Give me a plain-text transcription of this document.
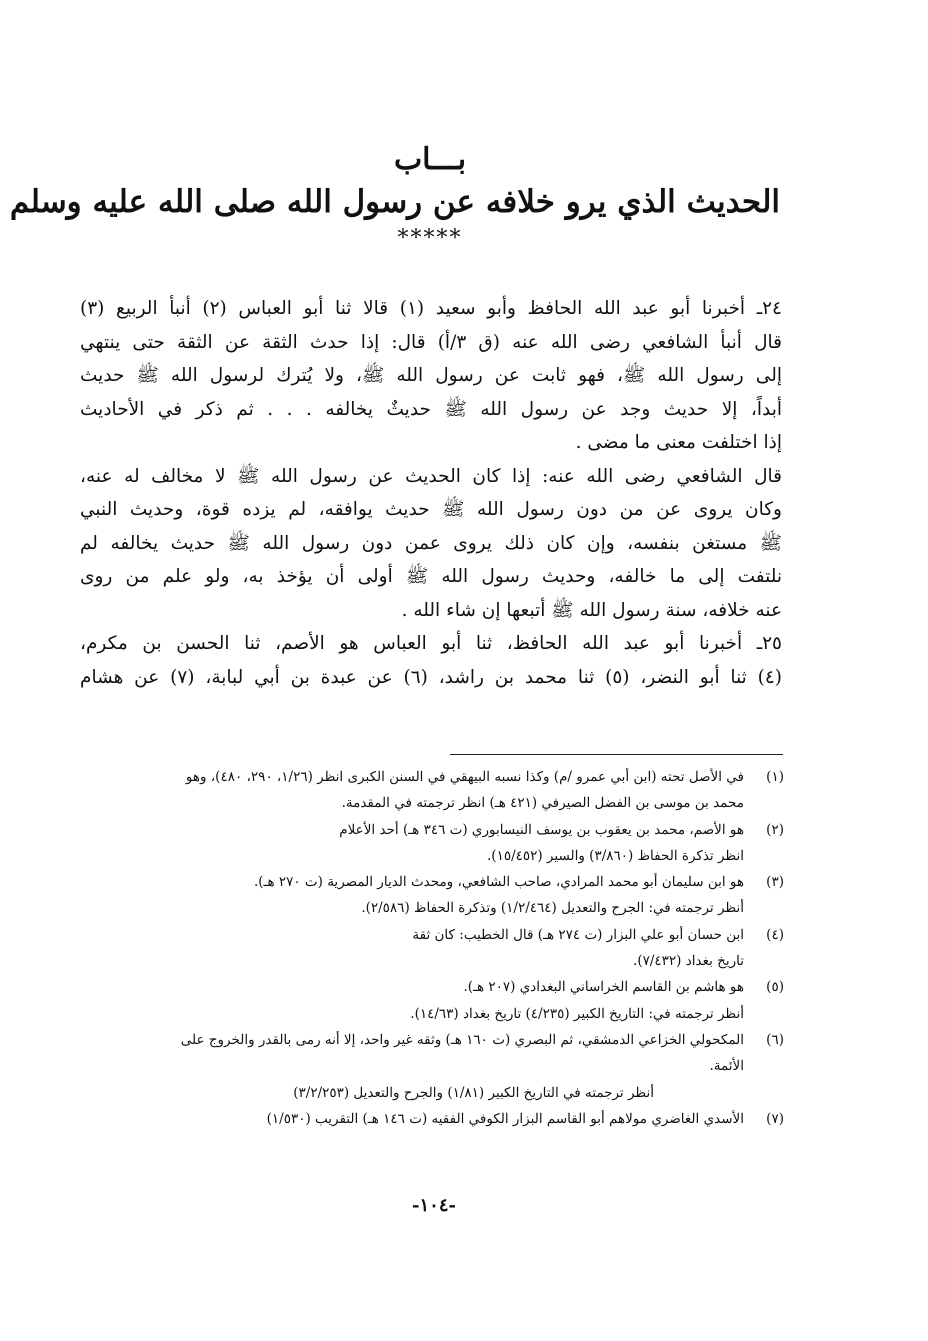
بـــاب
الحديث الذي يرو خلافه عن رسول الله صلى الله عليه وسلم
*****
٢٤ـ أخبرنا أبو عبد الله الحافظ وأبو سعيد (١) قالا ثنا أبو العباس (٢) أنبأ الربيع (٣)
قال أنبأ الشافعي رضى الله عنه (ق ٣/أ) قال: إذا حدث الثقة عن الثقة حتى ينتهي
إلى رسول الله ﷺ، فهو ثابت عن رسول الله ﷺ، ولا يُترك لرسول الله ﷺ حديث
أبداً، إلا حديث وجد عن رسول الله ﷺ حديثٌ يخالفه . . . ثم ذكر في الأحاديث
إذا اختلفت معنى ما مضى .
قال الشافعي رضى الله عنه: إذا كان الحديث عن رسول الله ﷺ لا مخالف له عنه،
وكان يروى عن من دون رسول الله ﷺ حديث يوافقه، لم يزده قوة، وحديث النبي
ﷺ مستغن بنفسه، وإن كان ذلك يروى عمن دون رسول الله ﷺ حديث يخالفه لم
نلتفت إلى ما خالفه، وحديث رسول الله ﷺ أولى أن يؤخذ به، ولو علم من روى
عنه خلافه، سنة رسول الله ﷺ أتبعها إن شاء الله .
٢٥ـ أخبرنا أبو عبد الله الحافظ، ثنا أبو العباس هو الأصم، ثنا الحسن بن مكرم،
(٤) ثنا أبو النضر، (٥) ثنا محمد بن راشد، (٦) عن عبدة بن أبي لبابة، (٧) عن هشام
(١)في الأصل تحته (ابن أبي عمرو /م) وكذا نسبه البيهقي في السنن الكبرى انظر (١/٢٦، ٢٩٠، ٤٨٠)، وهو
محمد بن موسى بن الفضل الصيرفي (٤٢١ هـ) انظر ترجمته في المقدمة.
(٢)هو الأصم، محمد بن يعقوب بن يوسف النيسابوري (ت ٣٤٦ هـ) أحد الأعلام
انظر تذكرة الحفاظ (٣/٨٦٠) والسير (١٥/٤٥٢).
(٣)هو ابن سليمان أبو محمد المرادي، صاحب الشافعي، ومحدث الديار المصرية (ت ٢٧٠ هـ).
أنظر ترجمته في: الجرح والتعديل (١/٢/٤٦٤) وتذكرة الحفاظ (٢/٥٨٦).
(٤)ابن حسان أبو علي البزار (ت ٢٧٤ هـ) قال الخطيب: كان ثقة
تاريخ بغداد (٧/٤٣٢).
(٥)هو هاشم بن القاسم الخراساني البغدادي (٢٠٧ هـ).
أنظر ترجمته في: التاريخ الكبير (٤/٢٣٥) تاريخ بغداد (١٤/٦٣).
(٦)المكحولي الخزاعي الدمشقي، ثم البصري (ت ١٦٠ هـ) وثقه غير واحد، إلا أنه رمى بالقدر والخروج على
الأئمة.
أنظر ترجمته في التاريخ الكبير (١/٨١) والجرح والتعديل (٣/٢/٢٥٣)
(٧)الأسدي الغاضري مولاهم أبو القاسم البزار الكوفي الفقيه (ت ١٤٦ هـ) التقريب (١/٥٣٠)
-١٠٤-
